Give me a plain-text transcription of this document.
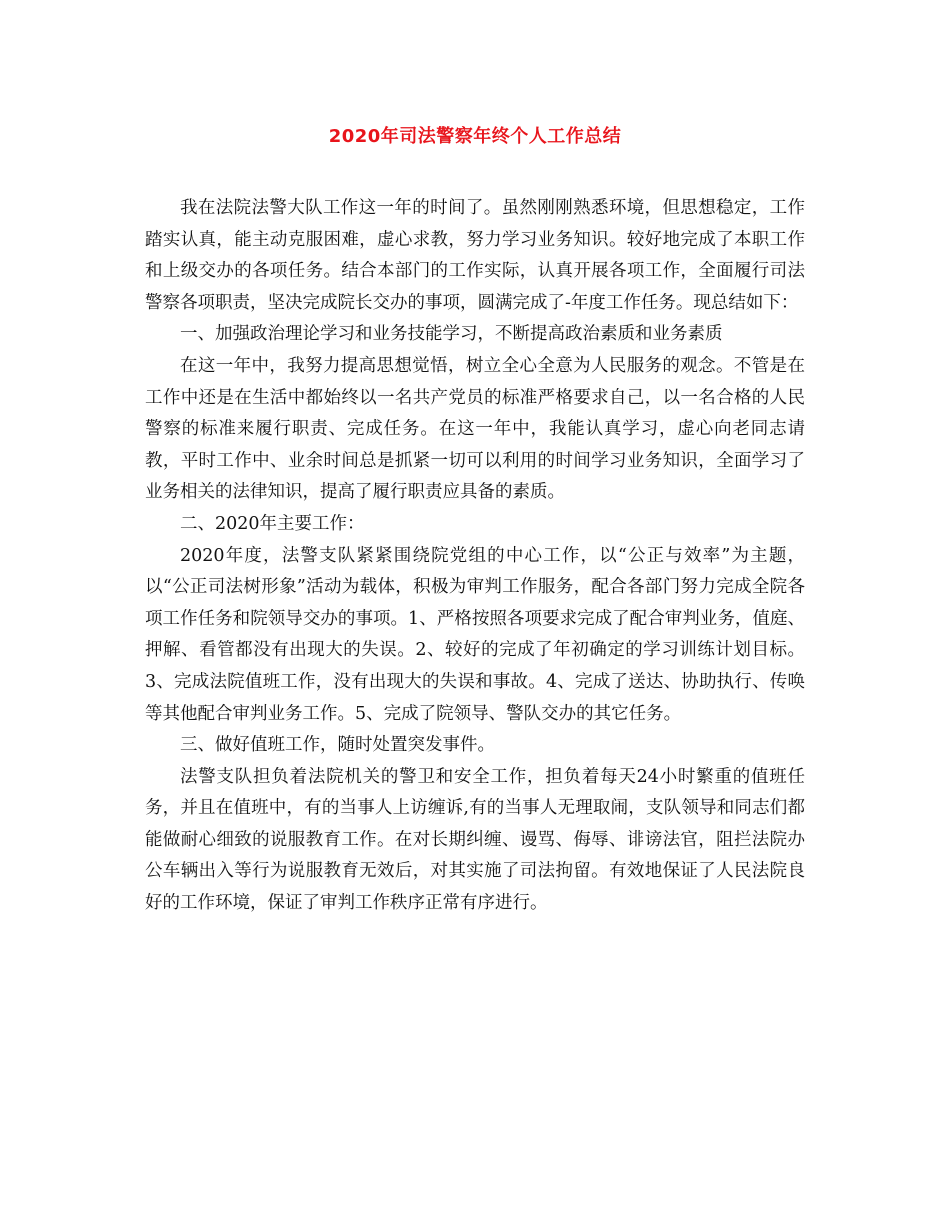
2020年司法警察年终个人工作总结

我在法院法警大队工作这一年的时间了。虽然刚刚熟悉环境，但思想稳定，工作踏实认真，能主动克服困难，虚心求教，努力学习业务知识。较好地完成了本职工作和上级交办的各项任务。结合本部门的工作实际，认真开展各项工作，全面履行司法警察各项职责，坚决完成院长交办的事项，圆满完成了-年度工作任务。现总结如下：

一、加强政治理论学习和业务技能学习，不断提高政治素质和业务素质

在这一年中，我努力提高思想觉悟，树立全心全意为人民服务的观念。不管是在工作中还是在生活中都始终以一名共产党员的标准严格要求自己，以一名合格的人民警察的标准来履行职责、完成任务。在这一年中，我能认真学习，虚心向老同志请教，平时工作中、业余时间总是抓紧一切可以利用的时间学习业务知识，全面学习了业务相关的法律知识，提高了履行职责应具备的素质。

二、2020年主要工作：

2020年度，法警支队紧紧围绕院党组的中心工作，以“公正与效率”为主题，以“公正司法树形象”活动为载体，积极为审判工作服务，配合各部门努力完成全院各项工作任务和院领导交办的事项。1、严格按照各项要求完成了配合审判业务，值庭、押解、看管都没有出现大的失误。2、较好的完成了年初确定的学习训练计划目标。3、完成法院值班工作，没有出现大的失误和事故。4、完成了送达、协助执行、传唤等其他配合审判业务工作。5、完成了院领导、警队交办的其它任务。

三、做好值班工作，随时处置突发事件。

法警支队担负着法院机关的警卫和安全工作，担负着每天24小时繁重的值班任务，并且在值班中，有的当事人上访缠诉,有的当事人无理取闹，支队领导和同志们都能做耐心细致的说服教育工作。在对长期纠缠、谩骂、侮辱、诽谤法官，阻拦法院办公车辆出入等行为说服教育无效后，对其实施了司法拘留。有效地保证了人民法院良好的工作环境，保证了审判工作秩序正常有序进行。
